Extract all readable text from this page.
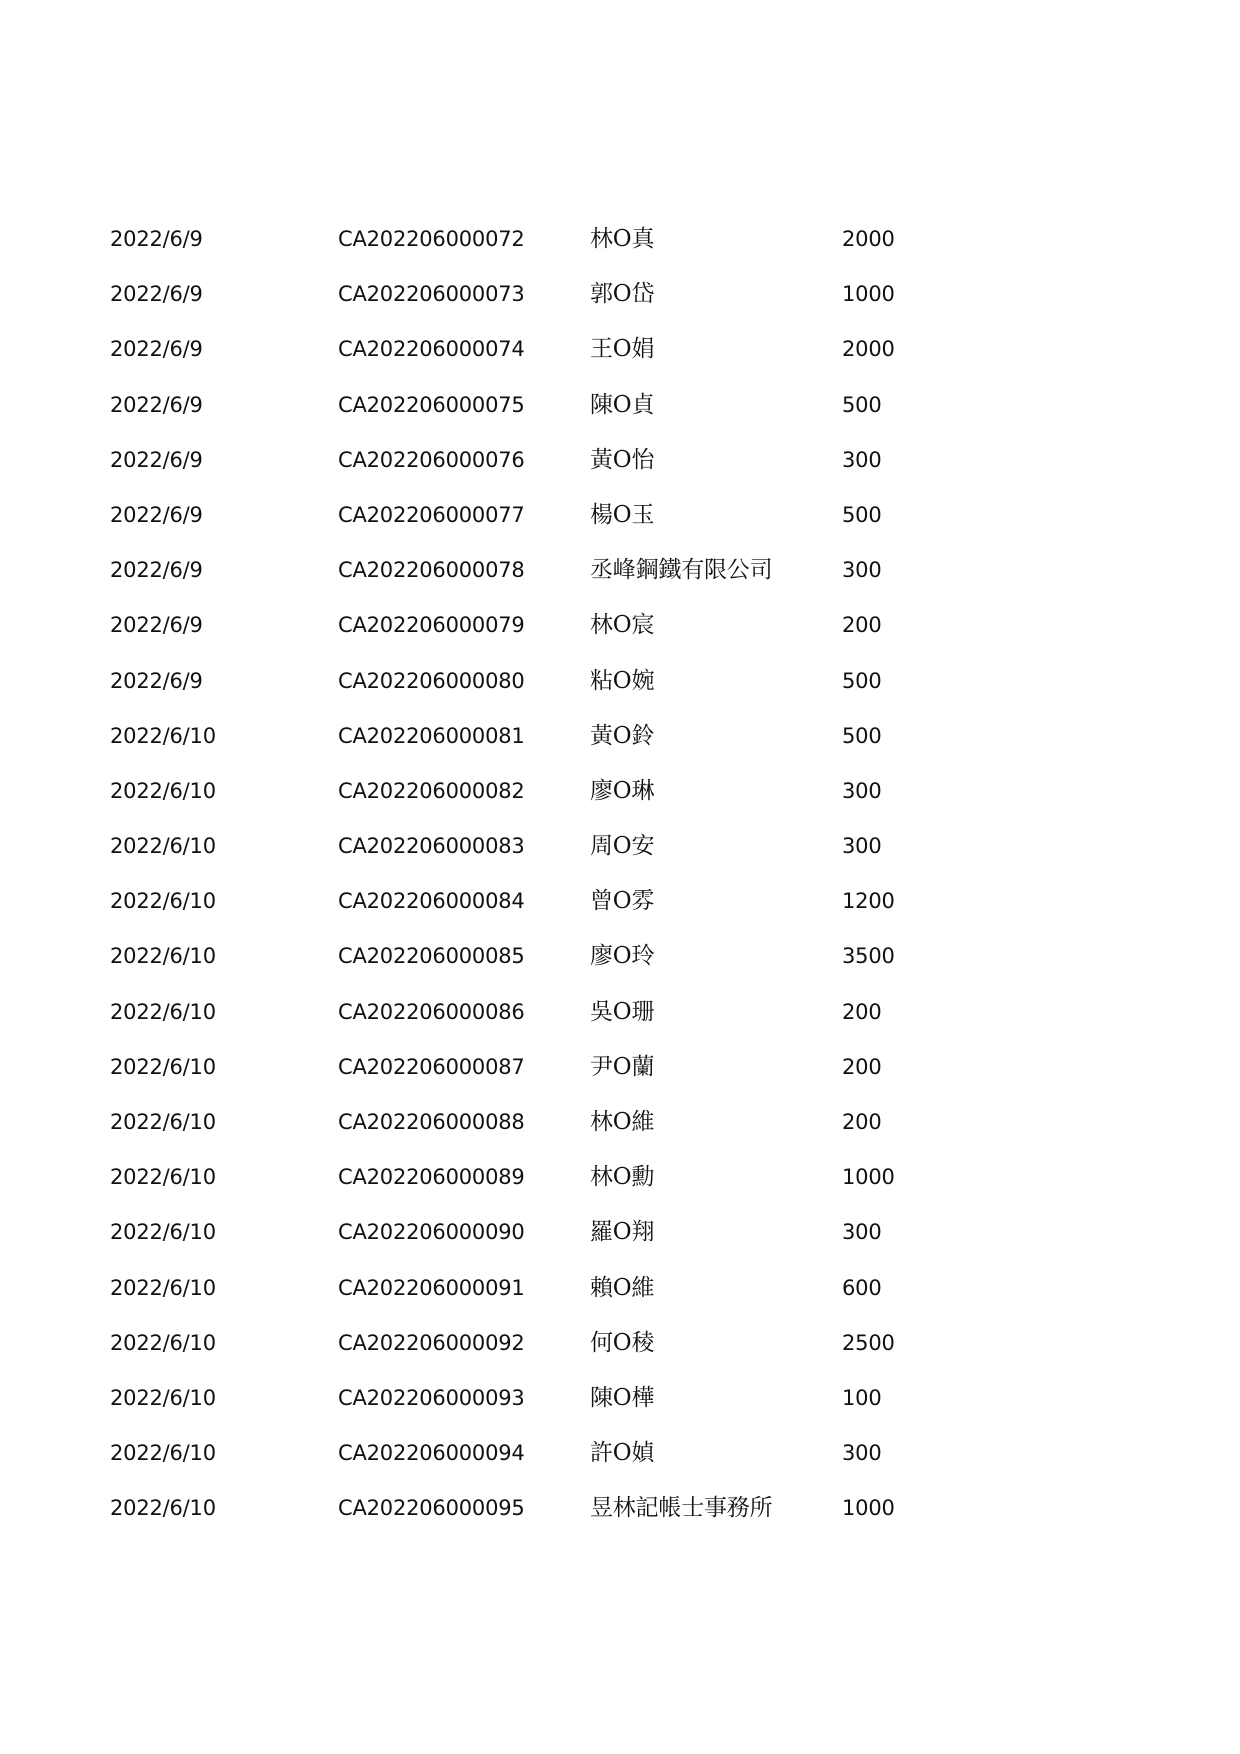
2022/6/9	CA202206000072	林O真	2000
2022/6/9	CA202206000073	郭O岱	1000
2022/6/9	CA202206000074	王O娟	2000
2022/6/9	CA202206000075	陳O貞	500
2022/6/9	CA202206000076	黃O怡	300
2022/6/9	CA202206000077	楊O玉	500
2022/6/9	CA202206000078	丞峰鋼鐵有限公司	300
2022/6/9	CA202206000079	林O宸	200
2022/6/9	CA202206000080	粘O婉	500
2022/6/10	CA202206000081	黃O鈴	500
2022/6/10	CA202206000082	廖O琳	300
2022/6/10	CA202206000083	周O安	300
2022/6/10	CA202206000084	曾O雰	1200
2022/6/10	CA202206000085	廖O玲	3500
2022/6/10	CA202206000086	吳O珊	200
2022/6/10	CA202206000087	尹O蘭	200
2022/6/10	CA202206000088	林O維	200
2022/6/10	CA202206000089	林O勳	1000
2022/6/10	CA202206000090	羅O翔	300
2022/6/10	CA202206000091	賴O維	600
2022/6/10	CA202206000092	何O稜	2500
2022/6/10	CA202206000093	陳O樺	100
2022/6/10	CA202206000094	許O媜	300
2022/6/10	CA202206000095	昱林記帳士事務所	1000
